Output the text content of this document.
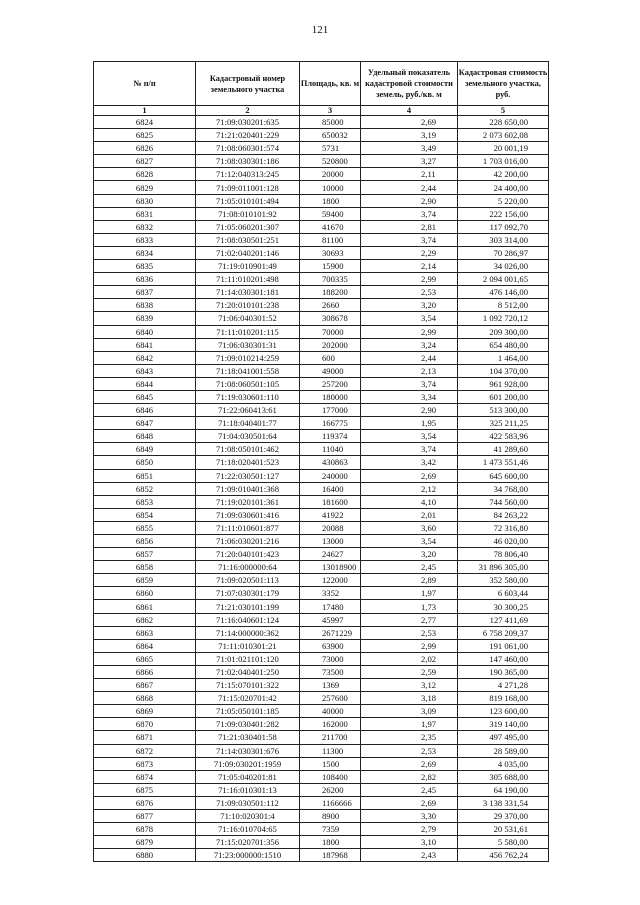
121
№ п/п	Кадастровый номер земельного участка	Площадь, кв. м	Удельный показатель кадастровой стоимости земель, руб./кв. м	Кадастровая стоимость земельного участка, руб.
1	2	3	4	5
6824	71:09:030201:635	85000	2,69	228 650,00
6825	71:21:020401:229	650032	3,19	2 073 602,08
6826	71:08:060301:574	5731	3,49	20 001,19
6827	71:08:030301:186	520800	3,27	1 703 016,00
6828	71:12:040313:245	20000	2,11	42 200,00
6829	71:09:011001:128	10000	2,44	24 400,00
6830	71:05:010101:494	1800	2,90	5 220,00
6831	71:08:010101:92	59400	3,74	222 156,00
6832	71:05:060201:307	41670	2,81	117 092,70
6833	71:08:030501:251	81100	3,74	303 314,00
6834	71:02:040201:146	30693	2,29	70 286,97
6835	71:19:010901:49	15900	2,14	34 026,00
6836	71:11:010201:498	700335	2,99	2 094 001,65
6837	71:14:030301:181	188200	2,53	476 146,00
6838	71:20:010101:238	2660	3,20	8 512,00
6839	71:06:040301:52	308678	3,54	1 092 720,12
6840	71:11:010201:115	70000	2,99	209 300,00
6841	71:06:030301:31	202000	3,24	654 480,00
6842	71:09:010214:259	600	2,44	1 464,00
6843	71:18:041001:558	49000	2,13	104 370,00
6844	71:08:060501:105	257200	3,74	961 928,00
6845	71:19:030601:110	180000	3,34	601 200,00
6846	71:22:060413:61	177000	2,90	513 300,00
6847	71:18:040401:77	166775	1,95	325 211,25
6848	71:04:030501:64	119374	3,54	422 583,96
6849	71:08:050101:462	11040	3,74	41 289,60
6850	71:18:020401:523	430863	3,42	1 473 551,46
6851	71:22:030501:127	240000	2,69	645 600,00
6852	71:09:010401:368	16400	2,12	34 768,00
6853	71:19:020101:361	181600	4,10	744 560,00
6854	71:09:030601:416	41922	2,01	84 263,22
6855	71:11:010601:877	20088	3,60	72 316,80
6856	71:06:030201:216	13000	3,54	46 020,00
6857	71:20:040101:423	24627	3,20	78 806,40
6858	71:16:000000:64	13018900	2,45	31 896 305,00
6859	71:09:020501:113	122000	2,89	352 580,00
6860	71:07:030301:179	3352	1,97	6 603,44
6861	71:21:030101:199	17480	1,73	30 300,25
6862	71:16:040601:124	45997	2,77	127 411,69
6863	71:14:000000:362	2671229	2,53	6 758 209,37
6864	71:11:010301:21	63900	2,99	191 061,00
6865	71:01:021101:120	73000	2,02	147 460,00
6866	71:02:040401:250	73500	2,59	190 365,00
6867	71:15:070101:322	1369	3,12	4 271,28
6868	71:15:020701:42	257600	3,18	819 168,00
6869	71:05:050101:185	40000	3,09	123 600,00
6870	71:09:030401:282	162000	1,97	319 140,00
6871	71:21:030401:58	211700	2,35	497 495,00
6872	71:14:030301:676	11300	2,53	28 589,00
6873	71:09:030201:1959	1500	2,69	4 035,00
6874	71:05:040201:81	108400	2,82	305 688,00
6875	71:16:010301:13	26200	2,45	64 190,00
6876	71:09:030501:112	1166666	2,69	3 138 331,54
6877	71:10:020301:4	8900	3,30	29 370,00
6878	71:16:010704:65	7359	2,79	20 531,61
6879	71:15:020701:356	1800	3,10	5 580,00
6880	71:23:000000:1510	187968	2,43	456 762,24
